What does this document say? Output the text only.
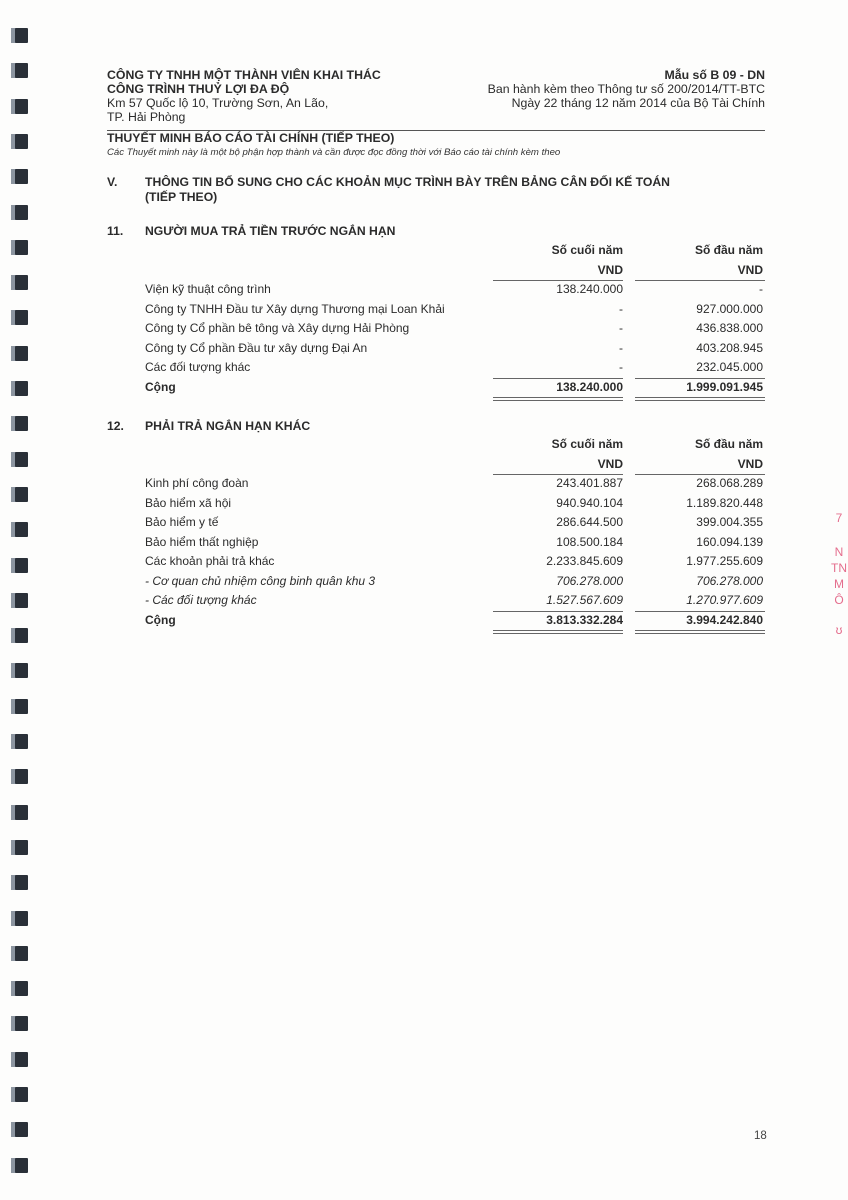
CÔNG TY TNHH MỘT THÀNH VIÊN KHAI THÁC
CÔNG TRÌNH THUỶ LỢI ĐA ĐỘ
Km 57 Quốc lộ 10, Trường Sơn, An Lão,
TP. Hải Phòng
Mẫu số B 09 - DN
Ban hành kèm theo Thông tư số 200/2014/TT-BTC
Ngày 22 tháng 12 năm 2014 của Bộ Tài Chính
THUYẾT MINH BÁO CÁO TÀI CHÍNH (TIẾP THEO)
Các Thuyết minh này là một bộ phận hợp thành và cần được đọc đồng thời với Báo cáo tài chính kèm theo
V. THÔNG TIN BỔ SUNG CHO CÁC KHOẢN MỤC TRÌNH BÀY TRÊN BẢNG CÂN ĐỐI KẾ TOÁN
(TIẾP THEO)
11. NGƯỜI MUA TRẢ TIỀN TRƯỚC NGẮN HẠN
Số cuối năm	Số đầu năm
VND	VND
Viện kỹ thuật công trình	138.240.000	-
Công ty TNHH Đầu tư Xây dựng Thương mại Loan Khải	-	927.000.000
Công ty Cổ phần bê tông và Xây dựng Hải Phòng	-	436.838.000
Công ty Cổ phần Đầu tư xây dựng Đại An	-	403.208.945
Các đối tượng khác	-	232.045.000
Cộng	138.240.000	1.999.091.945
12. PHẢI TRẢ NGẮN HẠN KHÁC
Số cuối năm	Số đầu năm
VND	VND
Kinh phí công đoàn	243.401.887	268.068.289
Bảo hiểm xã hội	940.940.104	1.189.820.448
Bảo hiểm y tế	286.644.500	399.004.355
Bảo hiểm thất nghiệp	108.500.184	160.094.139
Các khoản phải trả khác	2.233.845.609	1.977.255.609
- Cơ quan chủ nhiệm công binh quân khu 3	706.278.000	706.278.000
- Các đối tượng khác	1.527.567.609	1.270.977.609
Cộng	3.813.332.284	3.994.242.840
7
N
TN
M
Ô
ʊ
18
